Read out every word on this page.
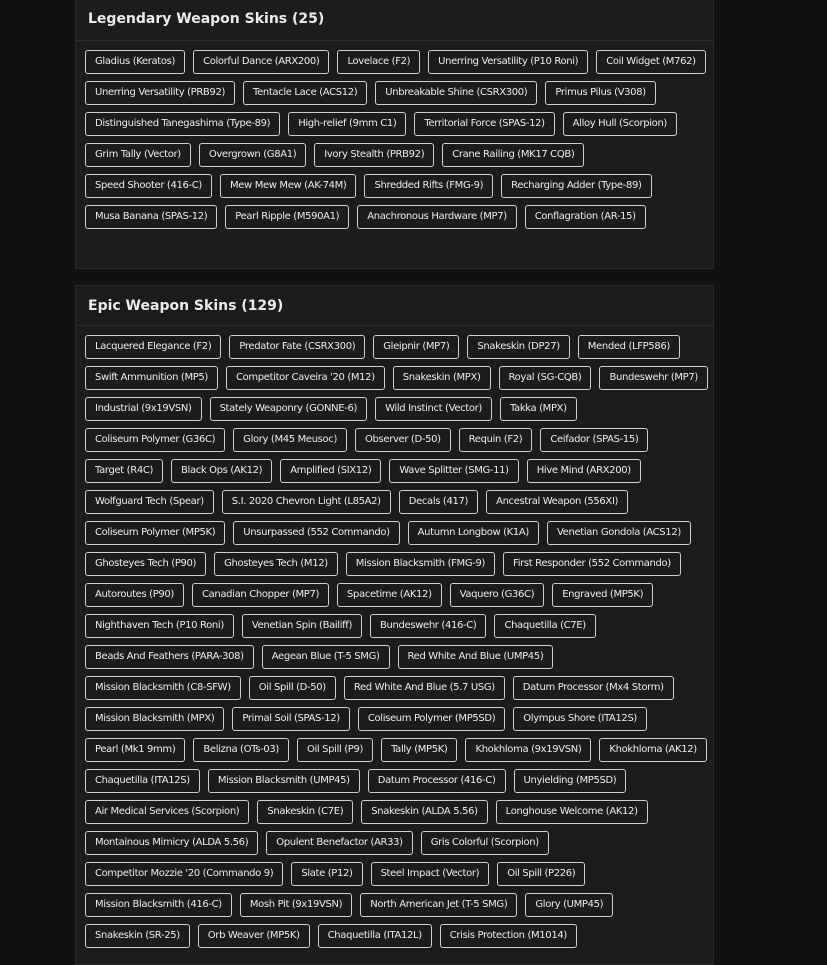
Legendary Weapon Skins (25)
Gladius (Keratos)	Colorful Dance (ARX200)	Lovelace (F2)	Unerring Versatility (P10 Roni)	Coil Widget (M762)
Unerring Versatility (PRB92)	Tentacle Lace (ACS12)	Unbreakable Shine (CSRX300)	Primus Pilus (V308)
Distinguished Tanegashima (Type-89)	High-relief (9mm C1)	Territorial Force (SPAS-12)	Alloy Hull (Scorpion)
Grim Tally (Vector)	Overgrown (G8A1)	Ivory Stealth (PRB92)	Crane Railing (MK17 CQB)
Speed Shooter (416-C)	Mew Mew Mew (AK-74M)	Shredded Rifts (FMG-9)	Recharging Adder (Type-89)
Musa Banana (SPAS-12)	Pearl Ripple (M590A1)	Anachronous Hardware (MP7)	Conflagration (AR-15)
Epic Weapon Skins (129)
Lacquered Elegance (F2)	Predator Fate (CSRX300)	Gleipnir (MP7)	Snakeskin (DP27)	Mended (LFP586)
Swift Ammunition (MP5)	Competitor Caveira '20 (M12)	Snakeskin (MPX)	Royal (SG-CQB)	Bundeswehr (MP7)
Industrial (9x19VSN)	Stately Weaponry (GONNE-6)	Wild Instinct (Vector)	Takka (MPX)
Coliseum Polymer (G36C)	Glory (M45 Meusoc)	Observer (D-50)	Requin (F2)	Ceifador (SPAS-15)
Target (R4C)	Black Ops (AK12)	Amplified (SIX12)	Wave Splitter (SMG-11)	Hive Mind (ARX200)
Wolfguard Tech (Spear)	S.I. 2020 Chevron Light (L85A2)	Decals (417)	Ancestral Weapon (556XI)
Coliseum Polymer (MP5K)	Unsurpassed (552 Commando)	Autumn Longbow (K1A)	Venetian Gondola (ACS12)
Ghosteyes Tech (P90)	Ghosteyes Tech (M12)	Mission Blacksmith (FMG-9)	First Responder (552 Commando)
Autoroutes (P90)	Canadian Chopper (MP7)	Spacetime (AK12)	Vaquero (G36C)	Engraved (MP5K)
Nighthaven Tech (P10 Roni)	Venetian Spin (Bailiff)	Bundeswehr (416-C)	Chaquetilla (C7E)
Beads And Feathers (PARA-308)	Aegean Blue (T-5 SMG)	Red White And Blue (UMP45)
Mission Blacksmith (C8-SFW)	Oil Spill (D-50)	Red White And Blue (5.7 USG)	Datum Processor (Mx4 Storm)
Mission Blacksmith (MPX)	Primal Soil (SPAS-12)	Coliseum Polymer (MP5SD)	Olympus Shore (ITA12S)
Pearl (Mk1 9mm)	Belizna (OTs-03)	Oil Spill (P9)	Tally (MP5K)	Khokhloma (9x19VSN)	Khokhloma (AK12)
Chaquetilla (ITA12S)	Mission Blacksmith (UMP45)	Datum Processor (416-C)	Unyielding (MP5SD)
Air Medical Services (Scorpion)	Snakeskin (C7E)	Snakeskin (ALDA 5.56)	Longhouse Welcome (AK12)
Montainous Mimicry (ALDA 5.56)	Opulent Benefactor (AR33)	Gris Colorful (Scorpion)
Competitor Mozzie '20 (Commando 9)	Slate (P12)	Steel Impact (Vector)	Oil Spill (P226)
Mission Blacksmith (416-C)	Mosh Pit (9x19VSN)	North American Jet (T-5 SMG)	Glory (UMP45)
Snakeskin (SR-25)	Orb Weaver (MP5K)	Chaquetilla (ITA12L)	Crisis Protection (M1014)
